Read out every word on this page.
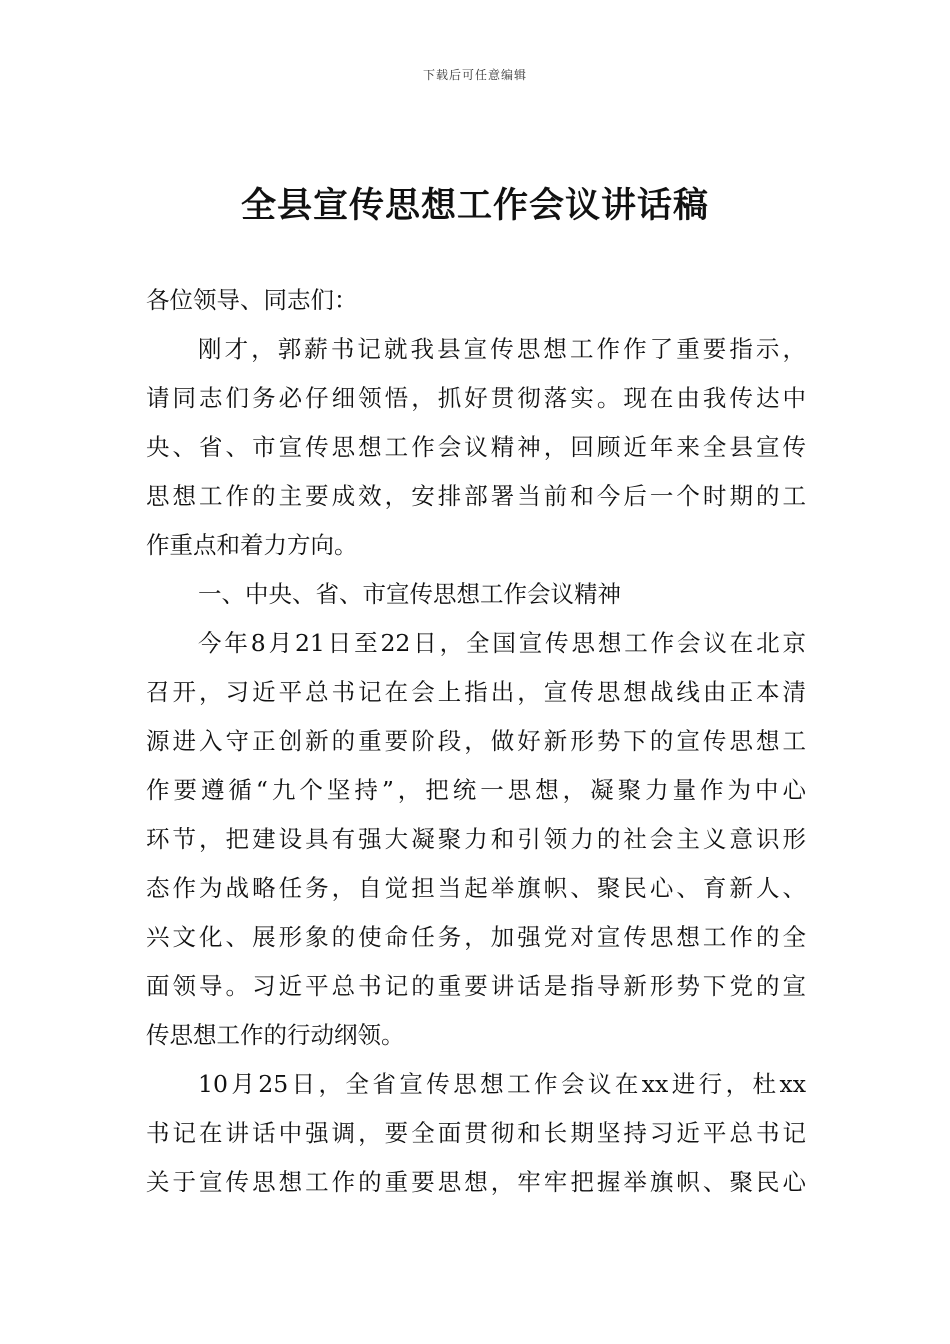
下载后可任意编辑
全县宣传思想工作会议讲话稿
各位领导、同志们：
刚才，郭薪书记就我县宣传思想工作作了重要指示，
请同志们务必仔细领悟，抓好贯彻落实。现在由我传达中
央、省、市宣传思想工作会议精神，回顾近年来全县宣传
思想工作的主要成效，安排部署当前和今后一个时期的工
作重点和着力方向。
一、中央、省、市宣传思想工作会议精神
今年8月21日至22日，全国宣传思想工作会议在北京
召开，习近平总书记在会上指出，宣传思想战线由正本清
源进入守正创新的重要阶段，做好新形势下的宣传思想工
作要遵循“九个坚持”，把统一思想，凝聚力量作为中心
环节，把建设具有强大凝聚力和引领力的社会主义意识形
态作为战略任务，自觉担当起举旗帜、聚民心、育新人、
兴文化、展形象的使命任务，加强党对宣传思想工作的全
面领导。习近平总书记的重要讲话是指导新形势下党的宣
传思想工作的行动纲领。
10月25日，全省宣传思想工作会议在xx进行，杜xx
书记在讲话中强调，要全面贯彻和长期坚持习近平总书记
关于宣传思想工作的重要思想，牢牢把握举旗帜、聚民心
